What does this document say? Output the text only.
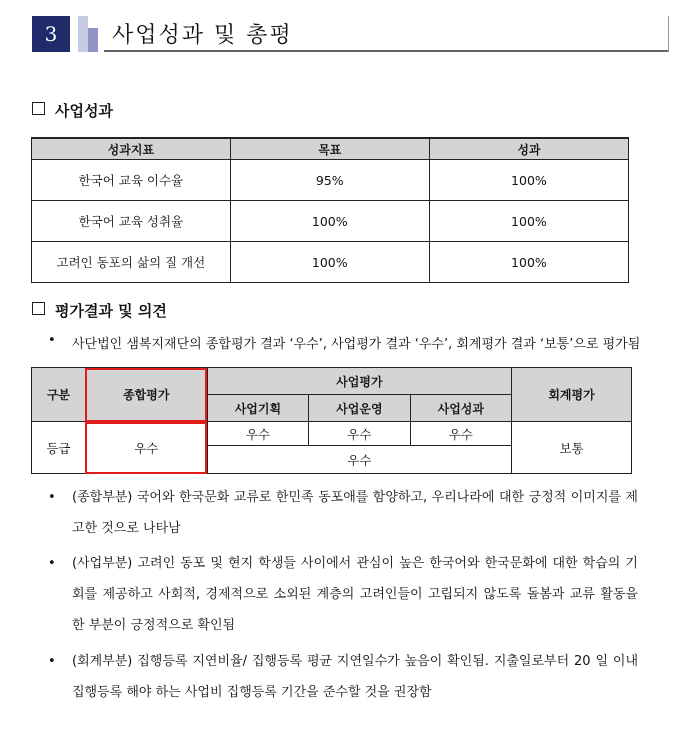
3	사업성과 및 총평
사업성과
성과지표	목표	성과
한국어 교육 이수율	95%	100%
한국어 교육 성취율	100%	100%
고려인 동포의 삶의 질 개선	100%	100%
평가결과 및 의견
• 사단법인 샘복지재단의 종합평가 결과 ‘우수’, 사업평가 결과 ‘우수’, 회계평가 결과 ‘보통’으로 평가됨
구분	종합평가	사업평가			회계평가
		사업기획	사업운영	사업성과	
등급	우수	우수	우수	우수	보통
		우수			
• (종합부분) 국어와 한국문화 교류로 한민족 동포애를 함양하고, 우리나라에 대한 긍정적 이미지를 제고한 것으로 나타남
• (사업부분) 고려인 동포 및 현지 학생들 사이에서 관심이 높은 한국어와 한국문화에 대한 학습의 기회를 제공하고 사회적, 경제적으로 소외된 계층의 고려인들이 고립되지 않도록 돌봄과 교류 활동을 한 부분이 긍정적으로 확인됨
• (회계부분) 집행등록 지연비율/ 집행등록 평균 지연일수가 높음이 확인됨. 지출일로부터 20 일 이내 집행등록 해야 하는 사업비 집행등록 기간을 준수할 것을 권장함
